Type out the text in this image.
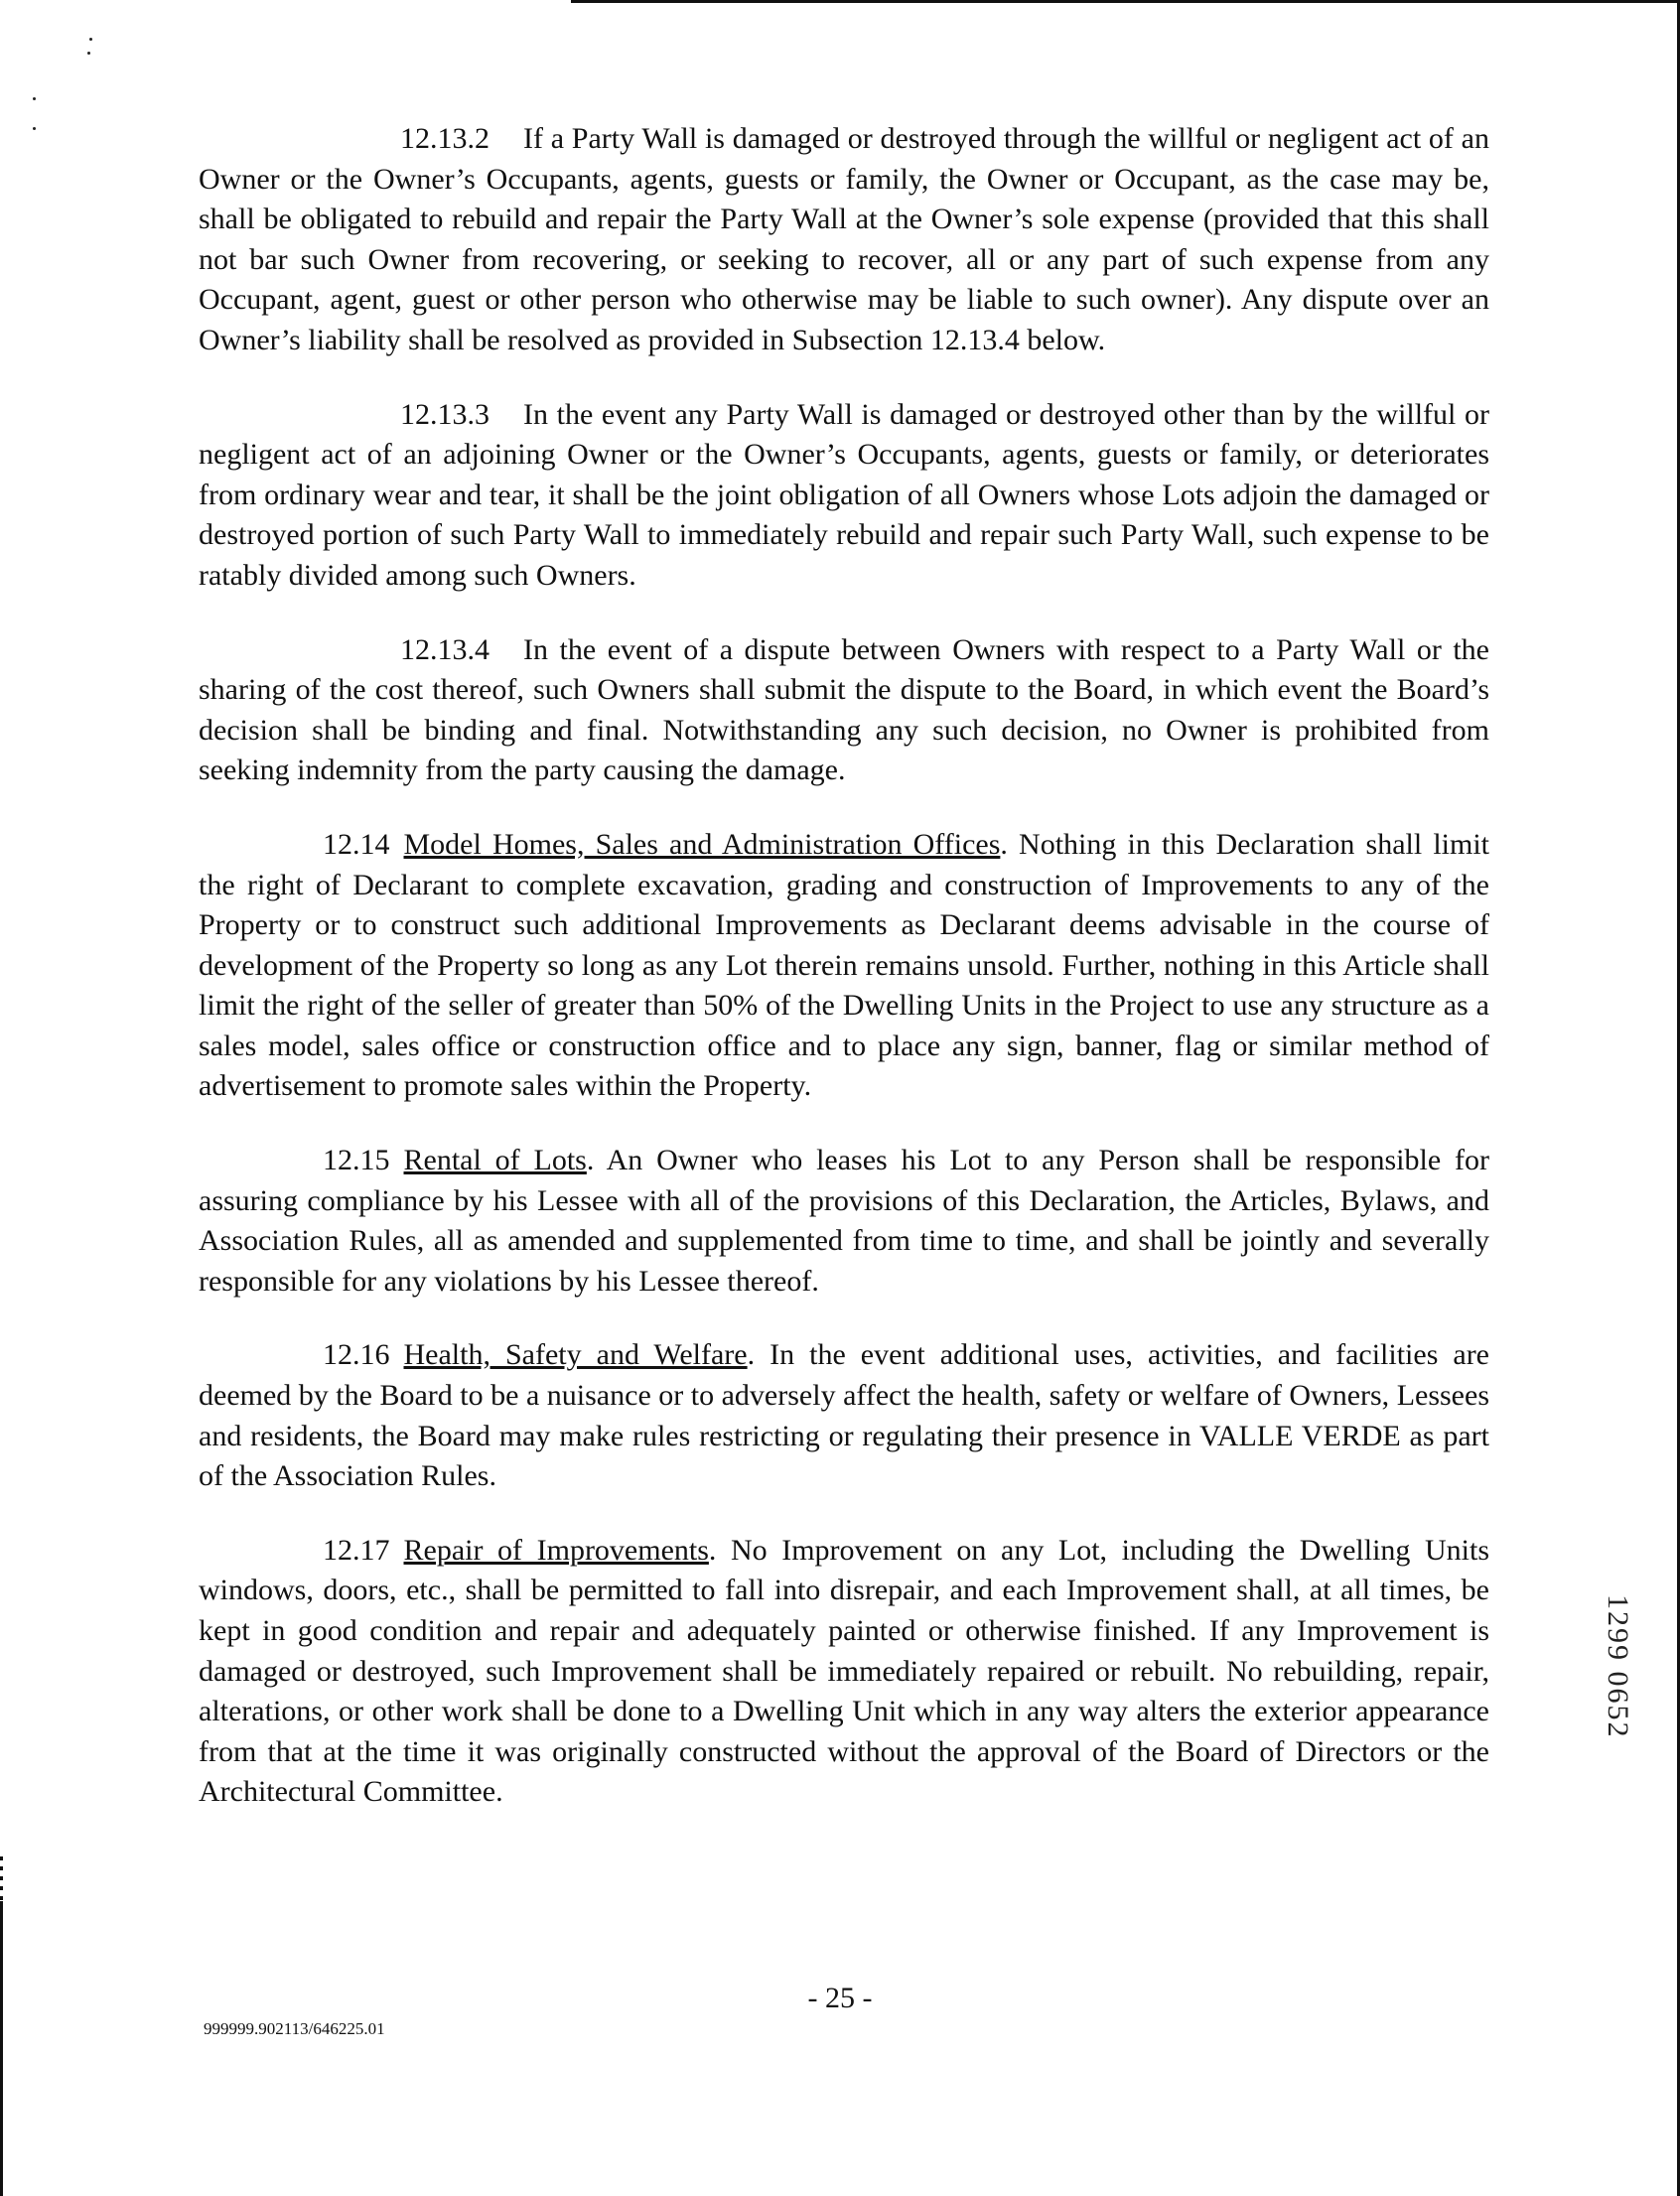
12.13.2 If a Party Wall is damaged or destroyed through the willful or negligent act of an Owner or the Owner’s Occupants, agents, guests or family, the Owner or Occupant, as the case may be, shall be obligated to rebuild and repair the Party Wall at the Owner’s sole expense (provided that this shall not bar such Owner from recovering, or seeking to recover, all or any part of such expense from any Occupant, agent, guest or other person who otherwise may be liable to such owner). Any dispute over an Owner’s liability shall be resolved as provided in Subsection 12.13.4 below.

12.13.3 In the event any Party Wall is damaged or destroyed other than by the willful or negligent act of an adjoining Owner or the Owner’s Occupants, agents, guests or family, or deteriorates from ordinary wear and tear, it shall be the joint obligation of all Owners whose Lots adjoin the damaged or destroyed portion of such Party Wall to immediately rebuild and repair such Party Wall, such expense to be ratably divided among such Owners.

12.13.4 In the event of a dispute between Owners with respect to a Party Wall or the sharing of the cost thereof, such Owners shall submit the dispute to the Board, in which event the Board’s decision shall be binding and final. Notwithstanding any such decision, no Owner is prohibited from seeking indemnity from the party causing the damage.

12.14 Model Homes, Sales and Administration Offices. Nothing in this Declaration shall limit the right of Declarant to complete excavation, grading and construction of Improvements to any of the Property or to construct such additional Improvements as Declarant deems advisable in the course of development of the Property so long as any Lot therein remains unsold. Further, nothing in this Article shall limit the right of the seller of greater than 50% of the Dwelling Units in the Project to use any structure as a sales model, sales office or construction office and to place any sign, banner, flag or similar method of advertisement to promote sales within the Property.

12.15 Rental of Lots. An Owner who leases his Lot to any Person shall be responsible for assuring compliance by his Lessee with all of the provisions of this Declaration, the Articles, Bylaws, and Association Rules, all as amended and supplemented from time to time, and shall be jointly and severally responsible for any violations by his Lessee thereof.

12.16 Health, Safety and Welfare. In the event additional uses, activities, and facilities are deemed by the Board to be a nuisance or to adversely affect the health, safety or welfare of Owners, Lessees and residents, the Board may make rules restricting or regulating their presence in VALLE VERDE as part of the Association Rules.

12.17 Repair of Improvements. No Improvement on any Lot, including the Dwelling Units windows, doors, etc., shall be permitted to fall into disrepair, and each Improvement shall, at all times, be kept in good condition and repair and adequately painted or otherwise finished. If any Improvement is damaged or destroyed, such Improvement shall be immediately repaired or rebuilt. No rebuilding, repair, alterations, or other work shall be done to a Dwelling Unit which in any way alters the exterior appearance from that at the time it was originally constructed without the approval of the Board of Directors or the Architectural Committee.

1299 0652
- 25 -
999999.902113/646225.01
